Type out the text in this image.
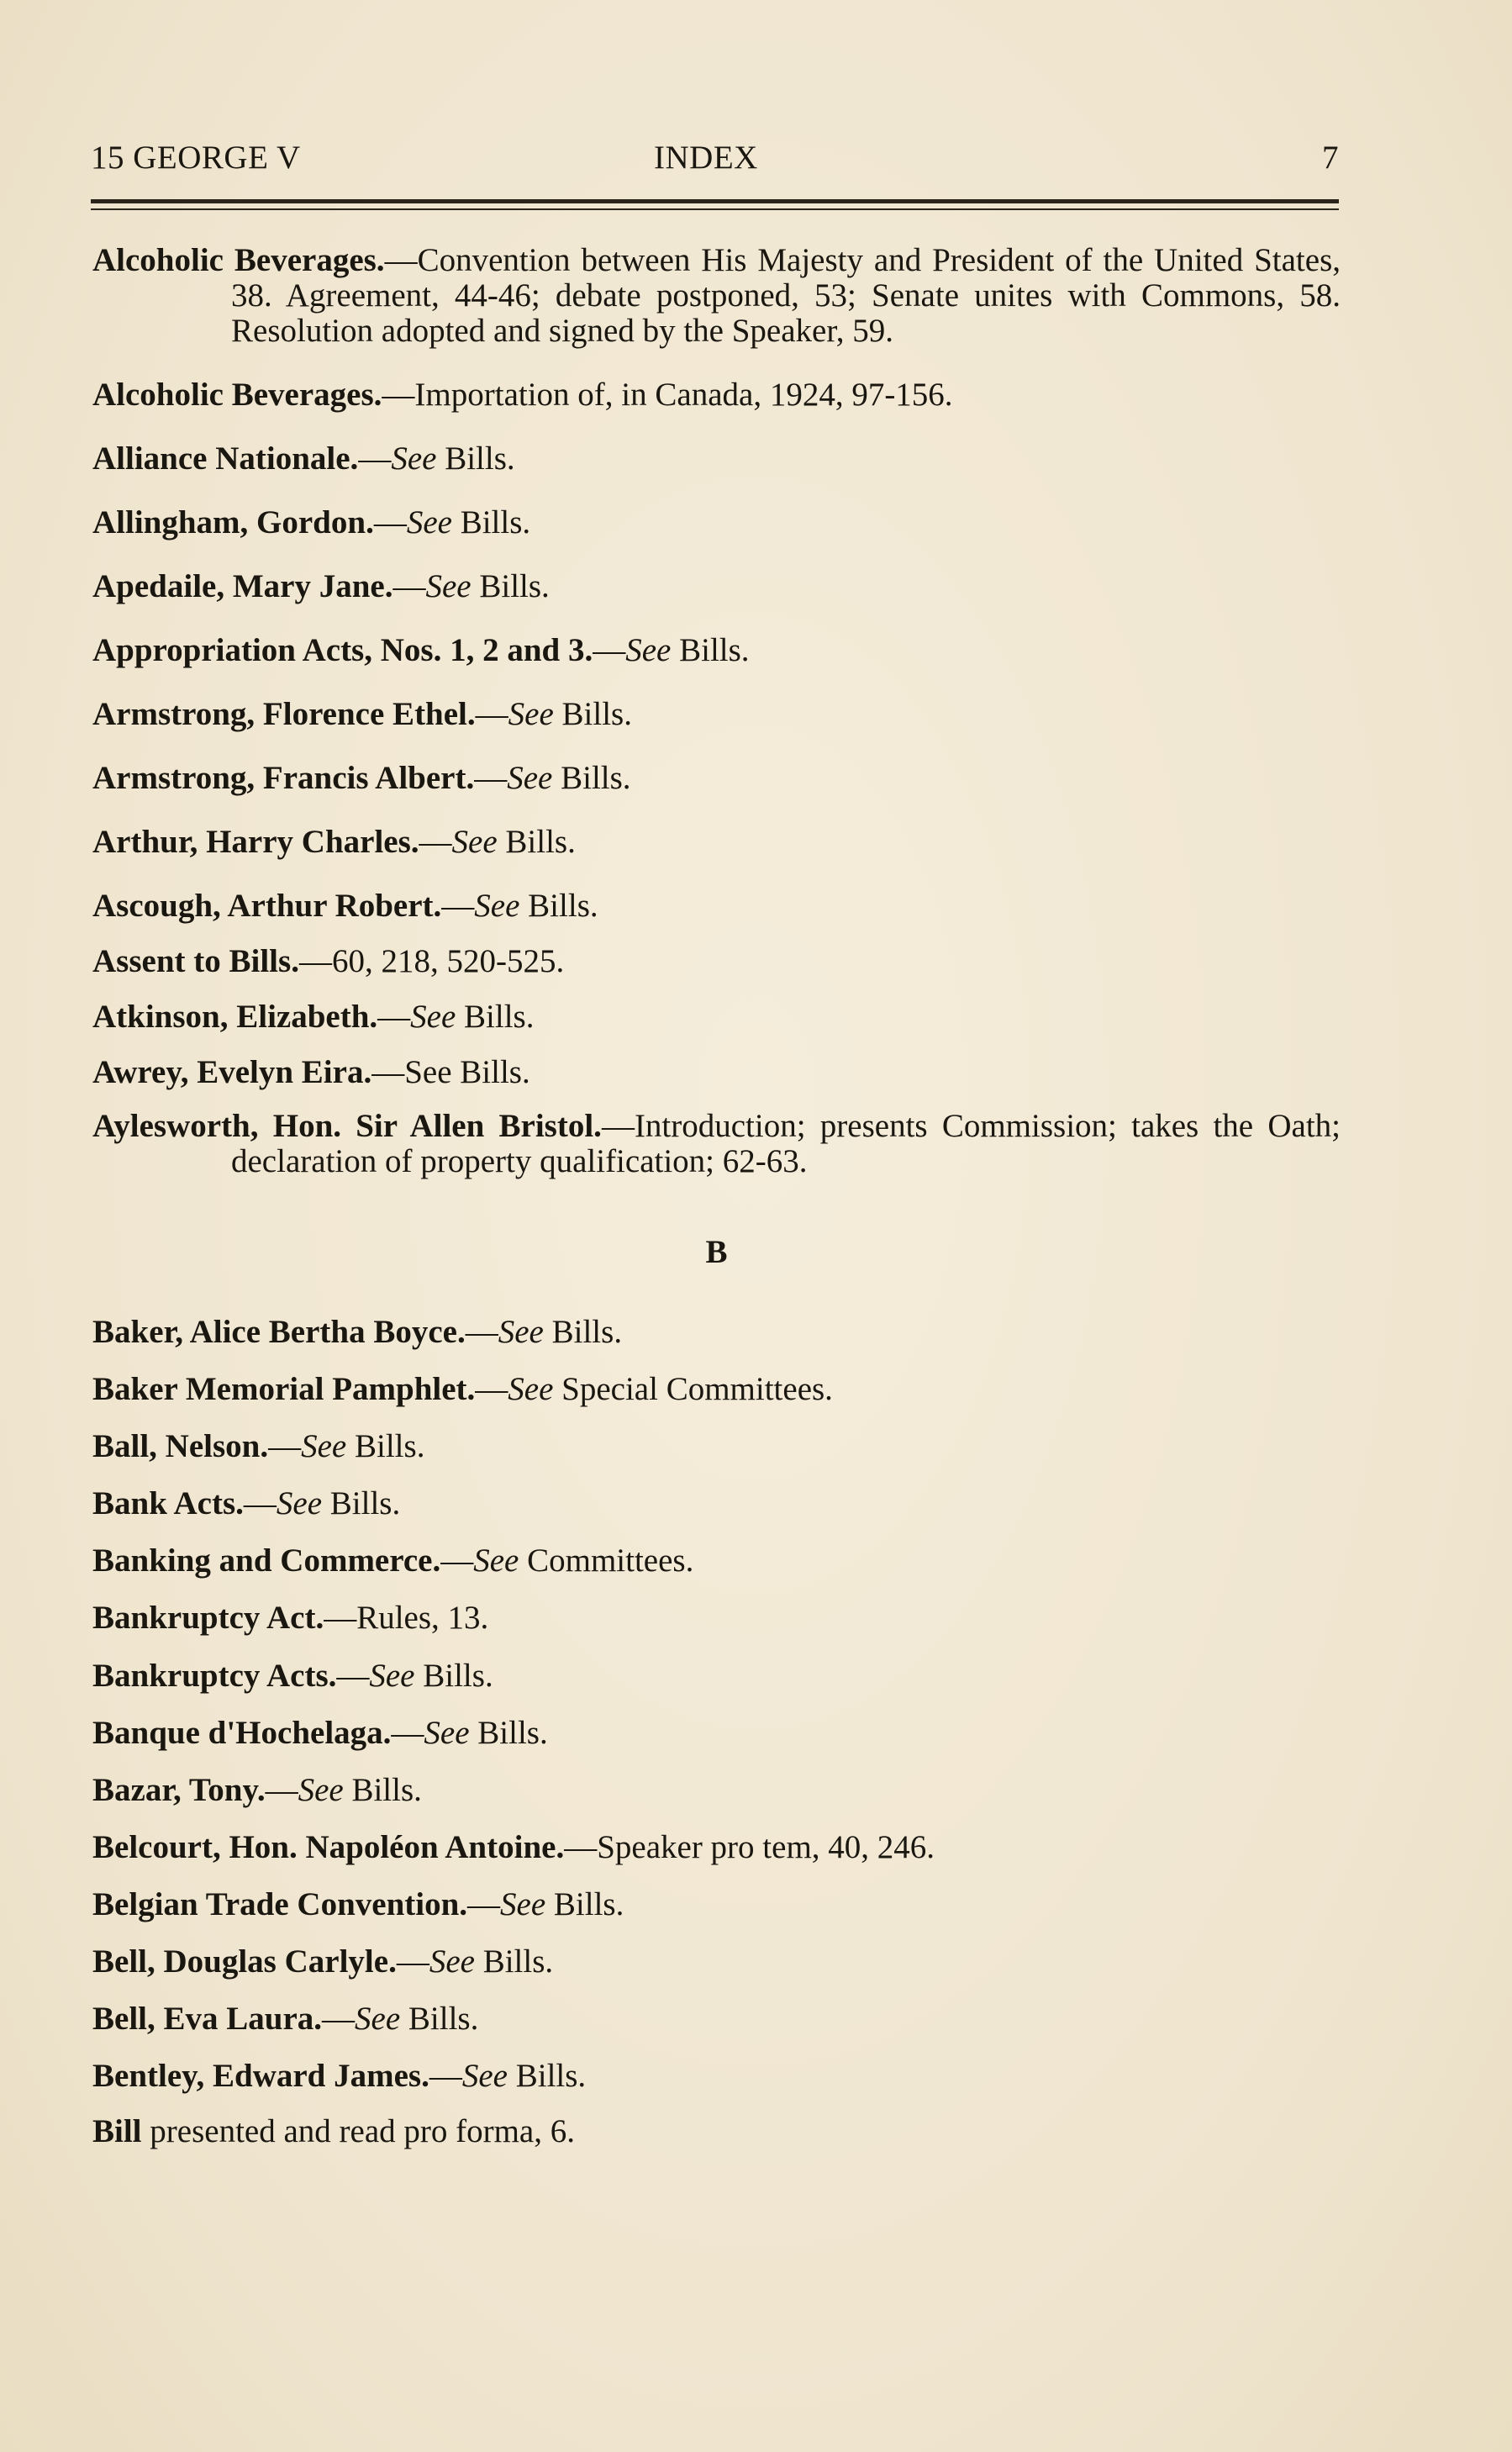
15 GEORGE V	INDEX	7
Alcoholic Beverages.—Convention between His Majesty and President of the United States, 38. Agreement, 44-46; debate postponed, 53; Senate unites with Commons, 58. Resolution adopted and signed by the Speaker, 59.
Alcoholic Beverages.—Importation of, in Canada, 1924, 97-156.
Alliance Nationale.—See Bills.
Allingham, Gordon.—See Bills.
Apedaile, Mary Jane.—See Bills.
Appropriation Acts, Nos. 1, 2 and 3.—See Bills.
Armstrong, Florence Ethel.—See Bills.
Armstrong, Francis Albert.—See Bills.
Arthur, Harry Charles.—See Bills.
Ascough, Arthur Robert.—See Bills.
Assent to Bills.—60, 218, 520-525.
Atkinson, Elizabeth.—See Bills.
Awrey, Evelyn Eira.—See Bills.
Aylesworth, Hon. Sir Allen Bristol.—Introduction; presents Commission; takes the Oath; declaration of property qualification; 62-63.
B
Baker, Alice Bertha Boyce.—See Bills.
Baker Memorial Pamphlet.—See Special Committees.
Ball, Nelson.—See Bills.
Bank Acts.—See Bills.
Banking and Commerce.—See Committees.
Bankruptcy Act.—Rules, 13.
Bankruptcy Acts.—See Bills.
Banque d'Hochelaga.—See Bills.
Bazar, Tony.—See Bills.
Belcourt, Hon. Napoléon Antoine.—Speaker pro tem, 40, 246.
Belgian Trade Convention.—See Bills.
Bell, Douglas Carlyle.—See Bills.
Bell, Eva Laura.—See Bills.
Bentley, Edward James.—See Bills.
Bill presented and read pro forma, 6.
